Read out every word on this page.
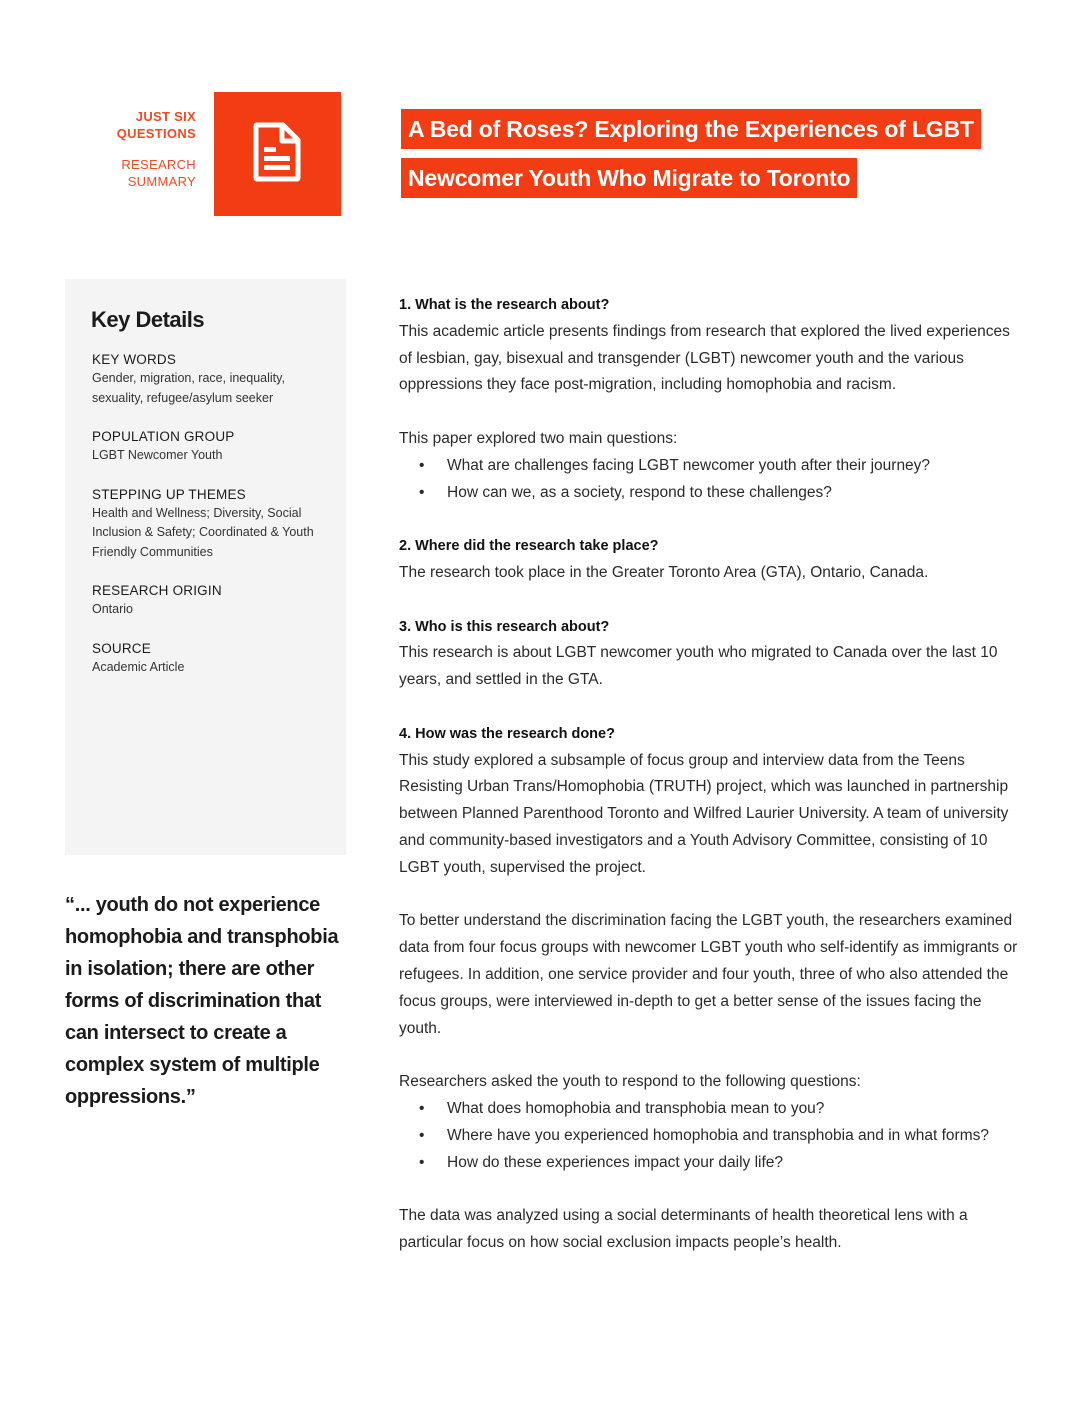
JUST SIX
QUESTIONS
RESEARCH
SUMMARY
A Bed of Roses? Exploring the Experiences of LGBT
Newcomer Youth Who Migrate to Toronto
Key Details
KEY WORDS
Gender, migration, race, inequality, sexuality, refugee/asylum seeker
POPULATION GROUP
LGBT Newcomer Youth
STEPPING UP THEMES
Health and Wellness; Diversity, Social Inclusion & Safety; Coordinated & Youth Friendly Communities
RESEARCH ORIGIN
Ontario
SOURCE
Academic Article
“... youth do not experience homophobia and transphobia in isolation; there are other forms of discrimination that can intersect to create a complex system of multiple oppressions.”
1. What is the research about?

This academic article presents findings from research that explored the lived experiences of lesbian, gay, bisexual and transgender (LGBT) newcomer youth and the various oppressions they face post-migration, including homophobia and racism.

This paper explored two main questions:

• What are challenges facing LGBT newcomer youth after their journey?
• How can we, as a society, respond to these challenges?
2. Where did the research take place?

The research took place in the Greater Toronto Area (GTA), Ontario, Canada.

3. Who is this research about?

This research is about LGBT newcomer youth who migrated to Canada over the last 10 years, and settled in the GTA.

4. How was the research done?

This study explored a subsample of focus group and interview data from the Teens Resisting Urban Trans/Homophobia (TRUTH) project, which was launched in partnership between Planned Parenthood Toronto and Wilfred Laurier University. A team of university and community-based investigators and a Youth Advisory Committee, consisting of 10 LGBT youth, supervised the project.

To better understand the discrimination facing the LGBT youth, the researchers examined data from four focus groups with newcomer LGBT youth who self-identify as immigrants or refugees. In addition, one service provider and four youth, three of who also attended the focus groups, were interviewed in-depth to get a better sense of the issues facing the youth.

Researchers asked the youth to respond to the following questions:

• What does homophobia and transphobia mean to you?
• Where have you experienced homophobia and transphobia and in what forms?
• How do these experiences impact your daily life?

The data was analyzed using a social determinants of health theoretical lens with a particular focus on how social exclusion impacts people’s health.
